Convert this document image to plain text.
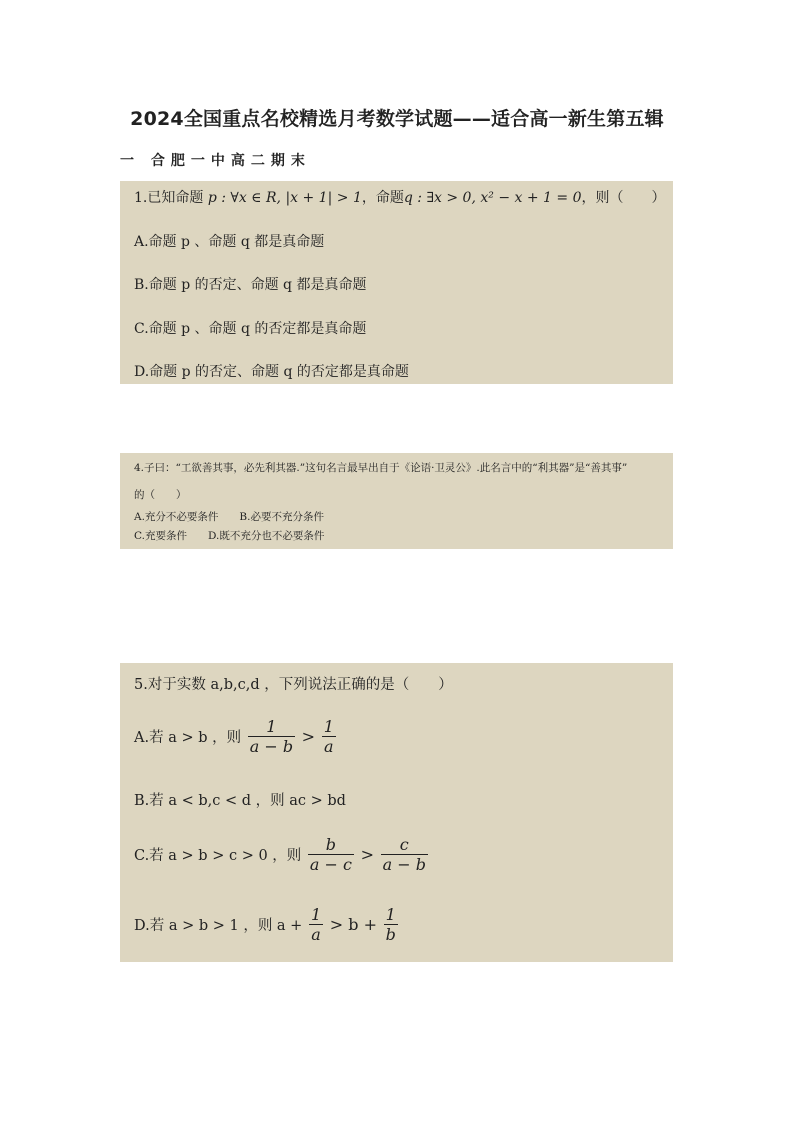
2024全国重点名校精选月考数学试题——适合高一新生第五辑
一 合肥一中高二期末
1.已知命题 p : ∀x ∈ R, |x + 1| > 1，命题q : ∃x > 0, x² − x + 1 = 0，则（　　）
A.命题 p 、命题 q 都是真命题
B.命题 p 的否定、命题 q 都是真命题
C.命题 p 、命题 q 的否定都是真命题
D.命题 p 的否定、命题 q 的否定都是真命题
4.子曰：“工欲善其事，必先利其器.”这句名言最早出自于《论语·卫灵公》.此名言中的“利其器”是“善其事”
的（　　）
A.充分不必要条件　　B.必要不充分条件
C.充要条件　　D.既不充分也不必要条件
5.对于实数 a,b,c,d ，下列说法正确的是（　　）
A.若 a > b ，则 $\frac{1}{a - b} > \frac{1}{a}$
B.若 a < b,c < d ，则 ac > bd
C.若 a > b > c > 0 ，则 $\frac{b}{a - c} > \frac{c}{a - b}$
D.若 a > b > 1 ，则 $a + \frac{1}{a} > b + \frac{1}{b}$
